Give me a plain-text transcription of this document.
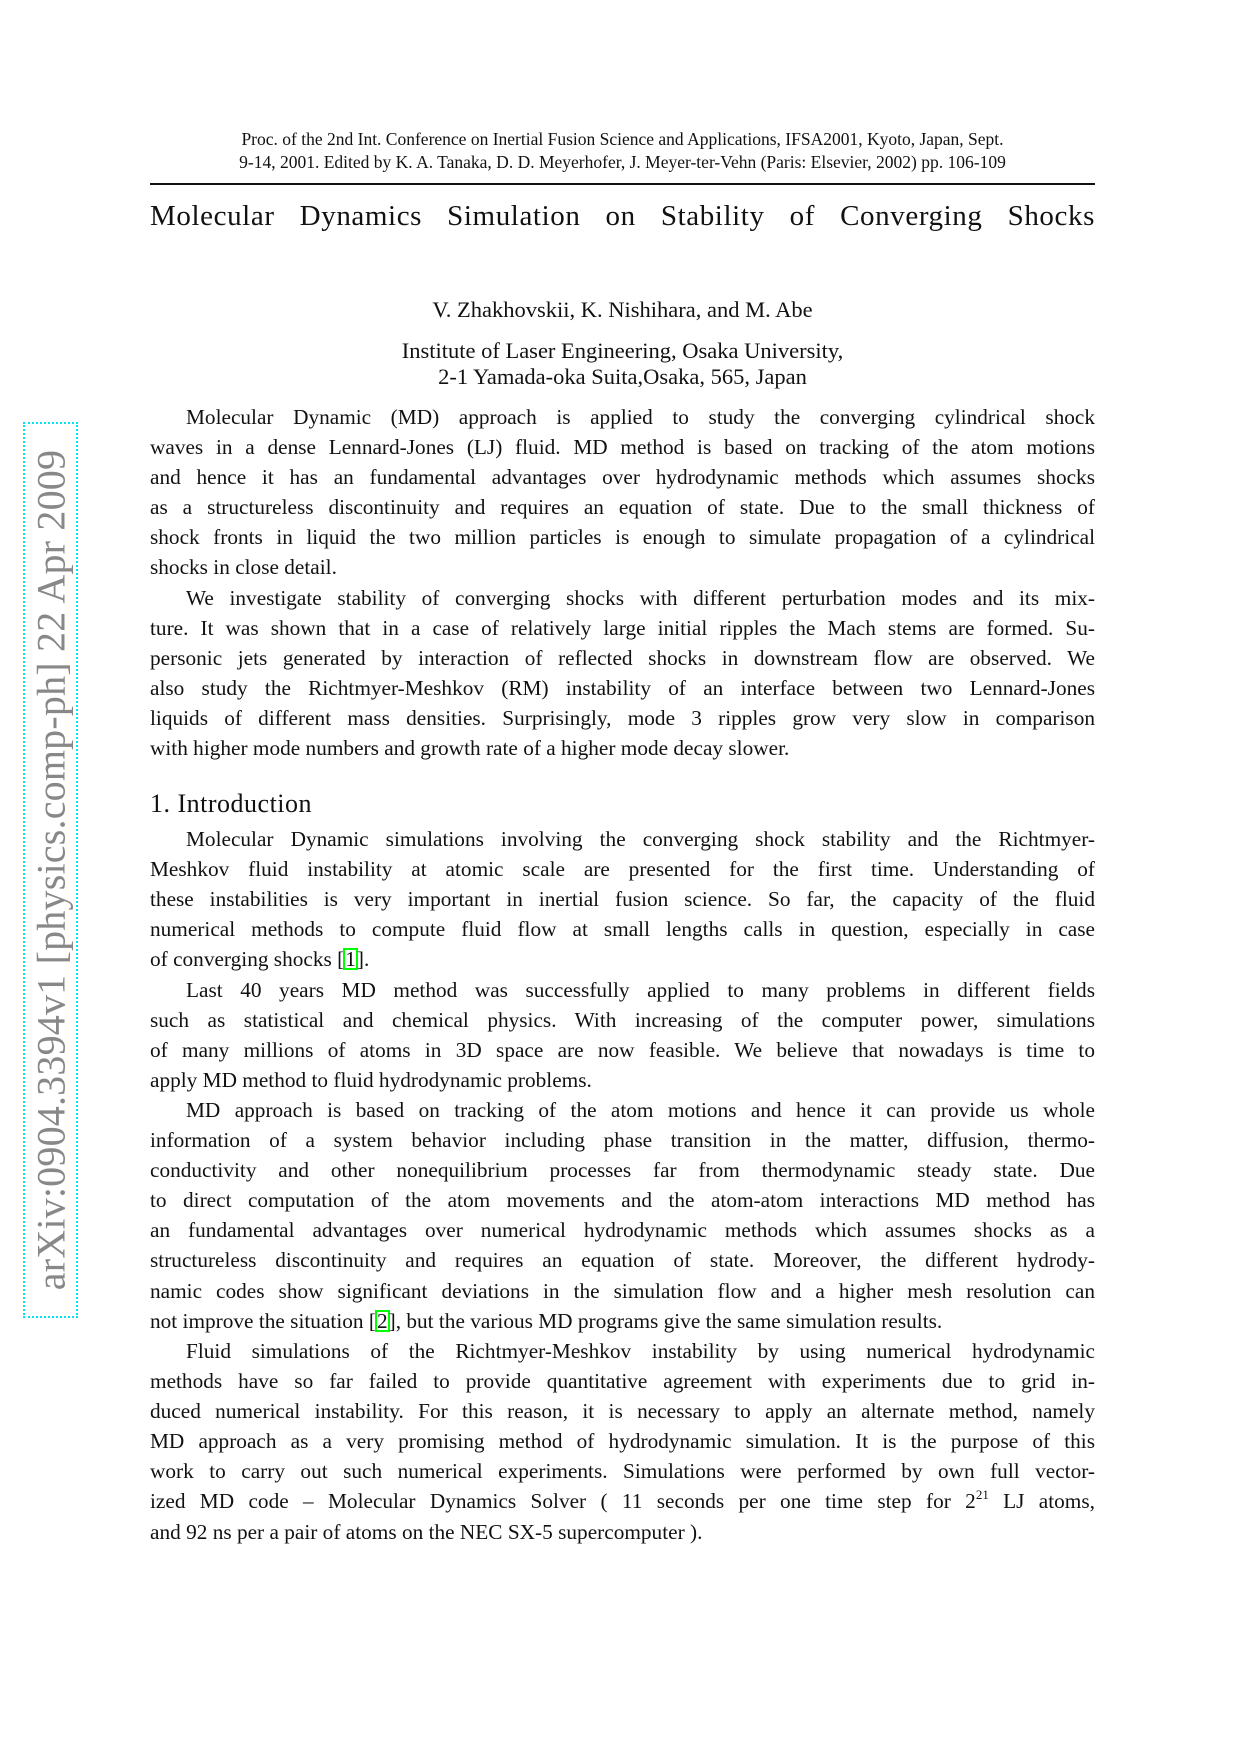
arXiv:0904.3394v1 [physics.comp-ph] 22 Apr 2009
Proc. of the 2nd Int. Conference on Inertial Fusion Science and Applications, IFSA2001, Kyoto, Japan, Sept.
9-14, 2001. Edited by K. A. Tanaka, D. D. Meyerhofer, J. Meyer-ter-Vehn (Paris: Elsevier, 2002) pp. 106-109
Molecular Dynamics Simulation on Stability of Converging Shocks
V. Zhakhovskii, K. Nishihara, and M. Abe
Institute of Laser Engineering, Osaka University,
2-1 Yamada-oka Suita,Osaka, 565, Japan
Molecular Dynamic (MD) approach is applied to study the converging cylindrical shock
waves in a dense Lennard-Jones (LJ) fluid. MD method is based on tracking of the atom motions
and hence it has an fundamental advantages over hydrodynamic methods which assumes shocks
as a structureless discontinuity and requires an equation of state. Due to the small thickness of
shock fronts in liquid the two million particles is enough to simulate propagation of a cylindrical
shocks in close detail.
We investigate stability of converging shocks with different perturbation modes and its mix-
ture. It was shown that in a case of relatively large initial ripples the Mach stems are formed. Su-
personic jets generated by interaction of reflected shocks in downstream flow are observed. We
also study the Richtmyer-Meshkov (RM) instability of an interface between two Lennard-Jones
liquids of different mass densities. Surprisingly, mode 3 ripples grow very slow in comparison
with higher mode numbers and growth rate of a higher mode decay slower.
1. Introduction
Molecular Dynamic simulations involving the converging shock stability and the Richtmyer-
Meshkov fluid instability at atomic scale are presented for the first time. Understanding of
these instabilities is very important in inertial fusion science. So far, the capacity of the fluid
numerical methods to compute fluid flow at small lengths calls in question, especially in case
of converging shocks [1].
Last 40 years MD method was successfully applied to many problems in different fields
such as statistical and chemical physics. With increasing of the computer power, simulations
of many millions of atoms in 3D space are now feasible. We believe that nowadays is time to
apply MD method to fluid hydrodynamic problems.
MD approach is based on tracking of the atom motions and hence it can provide us whole
information of a system behavior including phase transition in the matter, diffusion, thermo-
conductivity and other nonequilibrium processes far from thermodynamic steady state. Due
to direct computation of the atom movements and the atom-atom interactions MD method has
an fundamental advantages over numerical hydrodynamic methods which assumes shocks as a
structureless discontinuity and requires an equation of state. Moreover, the different hydrody-
namic codes show significant deviations in the simulation flow and a higher mesh resolution can
not improve the situation [2], but the various MD programs give the same simulation results.
Fluid simulations of the Richtmyer-Meshkov instability by using numerical hydrodynamic
methods have so far failed to provide quantitative agreement with experiments due to grid in-
duced numerical instability. For this reason, it is necessary to apply an alternate method, namely
MD approach as a very promising method of hydrodynamic simulation. It is the purpose of this
work to carry out such numerical experiments. Simulations were performed by own full vector-
ized MD code – Molecular Dynamics Solver ( 11 seconds per one time step for $2^{21}$ LJ atoms,
and 92 ns per a pair of atoms on the NEC SX-5 supercomputer ).
